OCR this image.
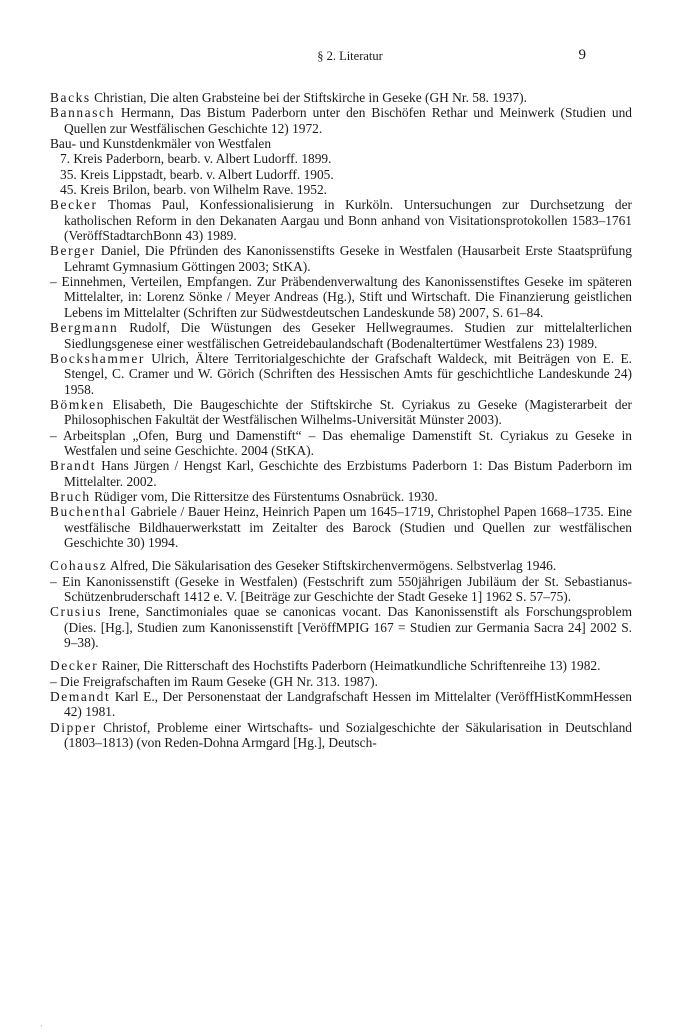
§ 2. Literatur	9

Backs Christian, Die alten Grabsteine bei der Stiftskirche in Geseke (GH Nr. 58. 1937).

Bannasch Hermann, Das Bistum Paderborn unter den Bischöfen Rethar und Meinwerk (Studien und Quellen zur Westfälischen Geschichte 12) 1972.

Bau- und Kunstdenkmäler von Westfalen

7. Kreis Paderborn, bearb. v. Albert Ludorff. 1899.

35. Kreis Lippstadt, bearb. v. Albert Ludorff. 1905.

45. Kreis Brilon, bearb. von Wilhelm Rave. 1952.

Becker Thomas Paul, Konfessionalisierung in Kurköln. Untersuchungen zur Durchsetzung der katholischen Reform in den Dekanaten Aargau und Bonn anhand von Visitationsprotokollen 1583–1761 (VeröffStadtarchBonn 43) 1989.

Berger Daniel, Die Pfründen des Kanonissenstifts Geseke in Westfalen (Hausarbeit Erste Staatsprüfung Lehramt Gymnasium Göttingen 2003; StKA).

– Einnehmen, Verteilen, Empfangen. Zur Präbendenverwaltung des Kanonissenstiftes Geseke im späteren Mittelalter, in: Lorenz Sönke / Meyer Andreas (Hg.), Stift und Wirtschaft. Die Finanzierung geistlichen Lebens im Mittelalter (Schriften zur Südwestdeutschen Landeskunde 58) 2007, S. 61–84.

Bergmann Rudolf, Die Wüstungen des Geseker Hellwegraumes. Studien zur mittelalterlichen Siedlungsgenese einer westfälischen Getreidebaulandschaft (Bodenaltertümer Westfalens 23) 1989.

Bockshammer Ulrich, Ältere Territorialgeschichte der Grafschaft Waldeck, mit Beiträgen von E. E. Stengel, C. Cramer und W. Görich (Schriften des Hessischen Amts für geschichtliche Landeskunde 24) 1958.

Bömken Elisabeth, Die Baugeschichte der Stiftskirche St. Cyriakus zu Geseke (Magisterarbeit der Philosophischen Fakultät der Westfälischen Wilhelms-Universität Münster 2003).

– Arbeitsplan „Ofen, Burg und Damenstift“ – Das ehemalige Damenstift St. Cyriakus zu Geseke in Westfalen und seine Geschichte. 2004 (StKA).

Brandt Hans Jürgen / Hengst Karl, Geschichte des Erzbistums Paderborn 1: Das Bistum Paderborn im Mittelalter. 2002.

Bruch Rüdiger vom, Die Rittersitze des Fürstentums Osnabrück. 1930.

Buchenthal Gabriele / Bauer Heinz, Heinrich Papen um 1645–1719, Christophel Papen 1668–1735. Eine westfälische Bildhauerwerkstatt im Zeitalter des Barock (Studien und Quellen zur westfälischen Geschichte 30) 1994.

Cohausz Alfred, Die Säkularisation des Geseker Stiftskirchenvermögens. Selbstverlag 1946.

– Ein Kanonissenstift (Geseke in Westfalen) (Festschrift zum 550jährigen Jubiläum der St. Sebastianus-Schützenbruderschaft 1412 e. V. [Beiträge zur Geschichte der Stadt Geseke 1] 1962 S. 57–75).

Crusius Irene, Sanctimoniales quae se canonicas vocant. Das Kanonissenstift als Forschungsproblem (Dies. [Hg.], Studien zum Kanonissenstift [VeröffMPIG 167 = Studien zur Germania Sacra 24] 2002 S. 9–38).

Decker Rainer, Die Ritterschaft des Hochstifts Paderborn (Heimatkundliche Schriftenreihe 13) 1982.

– Die Freigrafschaften im Raum Geseke (GH Nr. 313. 1987).

Demandt Karl E., Der Personenstaat der Landgrafschaft Hessen im Mittelalter (VeröffHistKommHessen 42) 1981.

Dipper Christof, Probleme einer Wirtschafts- und Sozialgeschichte der Säkularisation in Deutschland (1803–1813) (von Reden-Dohna Armgard [Hg.], Deutsch-

·
